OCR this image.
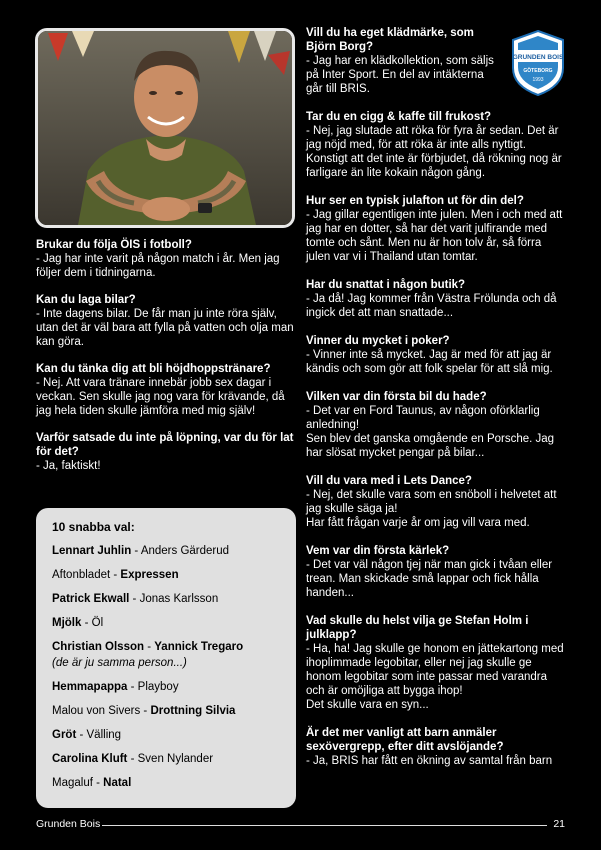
GRUNDEN BOIS
GÖTEBORG
1993
Brukar du följa ÖIS i fotboll?
- Jag har inte varit på någon match i år. Men jag följer dem i tidningarna.
Kan du laga bilar?
- Inte dagens bilar. De får man ju inte röra själv, utan det är väl bara att fylla på vatten och olja man kan göra.
Kan du tänka dig att bli höjdhoppstränare?
- Nej. Att vara tränare innebär jobb sex dagar i veckan. Sen skulle jag nog vara för krävande, då jag hela tiden skulle jämföra med mig själv!
Varför satsade du inte på löpning, var du för lat för det?
- Ja, faktiskt!
10 snabba val:
Lennart Juhlin - Anders Gärderud
Aftonbladet - Expressen
Patrick Ekwall - Jonas Karlsson
Mjölk - Öl
Christian Olsson - Yannick Tregaro
(de är ju samma person...)
Hemmapappa - Playboy
Malou von Sivers - Drottning Silvia
Gröt - Välling
Carolina Kluft - Sven Nylander
Magaluf - Natal
Vill du ha eget klädmärke, som Björn Borg?
- Jag har en klädkollektion, som säljs på Inter Sport. En del av intäkterna går till BRIS.
Tar du en cigg & kaffe till frukost?
- Nej, jag slutade att röka för fyra år sedan. Det är jag nöjd med, för att röka är inte alls nyttigt. Konstigt att det inte är förbjudet, då rökning nog är farligare än lite kokain någon gång.
Hur ser en typisk julafton ut för din del?
- Jag gillar egentligen inte julen. Men i och med att jag har en dotter, så har det varit julfirande med tomte och sånt. Men nu är hon tolv år, så förra julen var vi i Thailand utan tomtar.
Har du snattat i någon butik?
- Ja då! Jag kommer från Västra Frölunda och då ingick det att man snattade...
Vinner du mycket i poker?
- Vinner inte så mycket. Jag är med för att jag är kändis och som gör att folk spelar för att slå mig.
Vilken var din första bil du hade?
- Det var en Ford Taunus, av någon oförklarlig anledning!
Sen blev det ganska omgående en Porsche. Jag har slösat mycket pengar på bilar...
Vill du vara med i Lets Dance?
- Nej, det skulle vara som en snöboll i helvetet att jag skulle säga ja!
Har fått frågan varje år om jag vill vara med.
Vem var din första kärlek?
- Det var väl någon tjej när man gick i tvåan eller trean. Man skickade små lappar och fick hålla handen...
Vad skulle du helst vilja ge Stefan Holm i julklapp?
- Ha, ha! Jag skulle ge honom en jättekartong med ihoplimmade legobitar, eller nej jag skulle ge honom legobitar som inte passar med varandra och är omöjliga att bygga ihop!
Det skulle vara en syn...
Är det mer vanligt att barn anmäler sexövergrepp, efter ditt avslöjande?
- Ja, BRIS har fått en ökning av samtal från barn
Grunden Bois	21
